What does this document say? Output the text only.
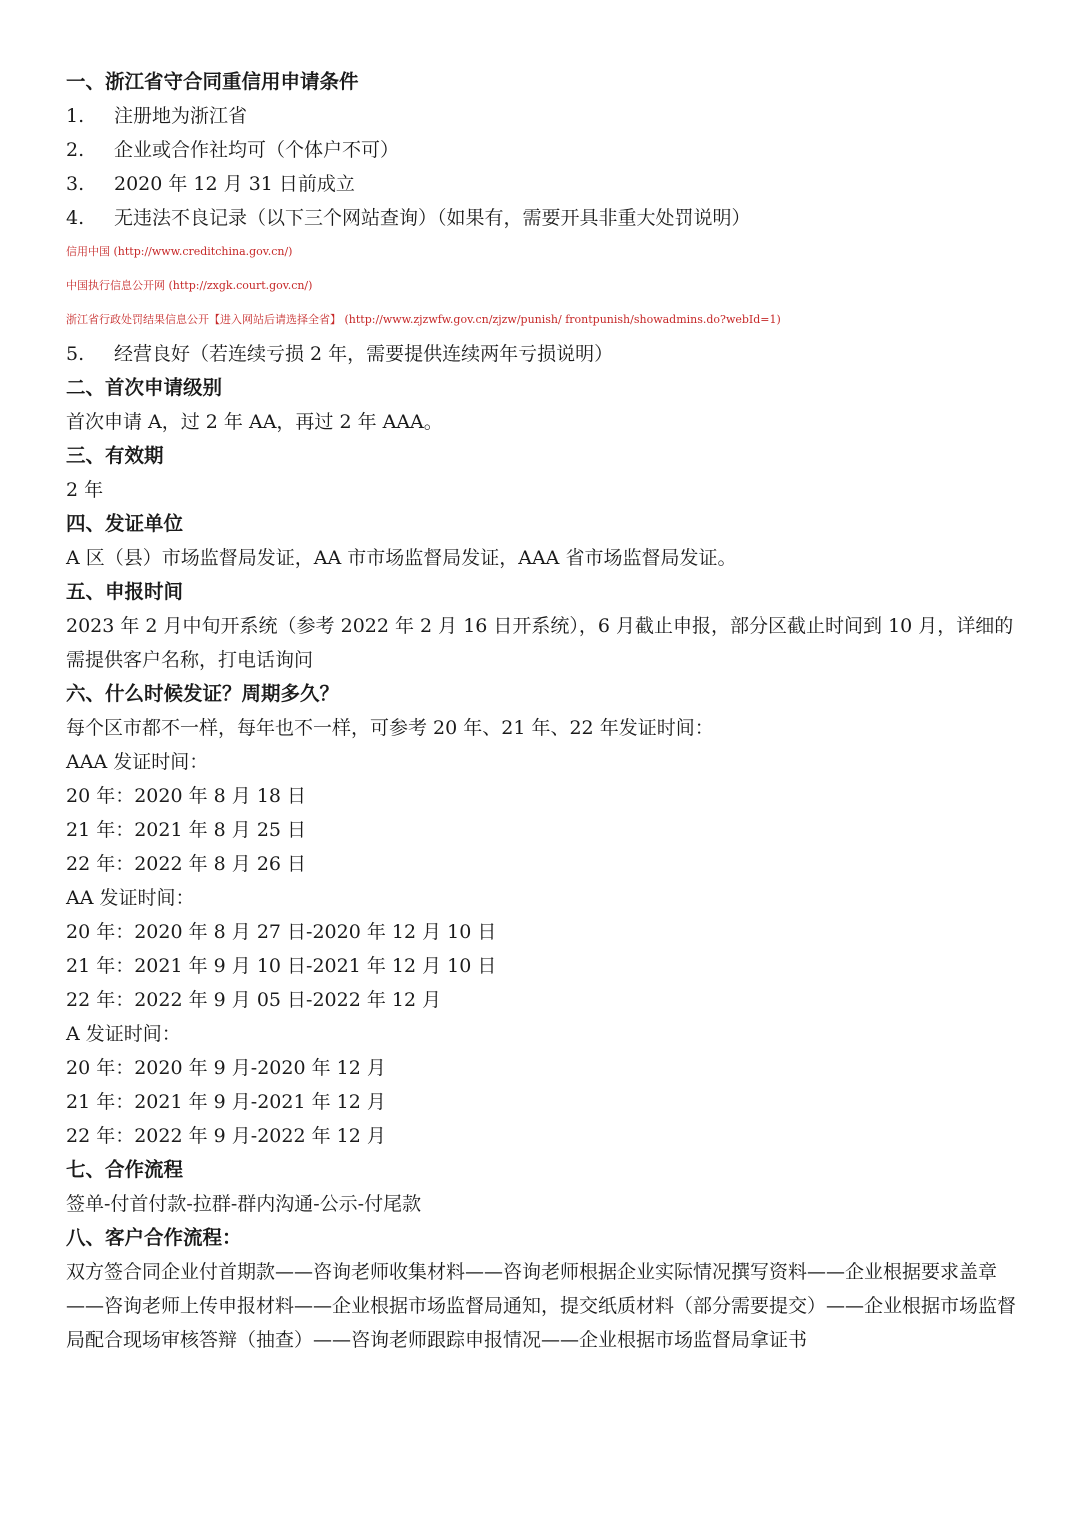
一、浙江省守合同重信用申请条件
1. 注册地为浙江省
2. 企业或合作社均可（个体户不可）
3. 2020 年 12 月 31 日前成立
4. 无违法不良记录（以下三个网站查询）（如果有，需要开具非重大处罚说明）
信用中国 (http://www.creditchina.gov.cn/)
中国执行信息公开网 (http://zxgk.court.gov.cn/)
浙江省行政处罚结果信息公开【进入网站后请选择全省】 (http://www.zjzwfw.gov.cn/zjzw/punish/ frontpunish/showadmins.do?webId=1)
5. 经营良好（若连续亏损 2 年，需要提供连续两年亏损说明）
二、首次申请级别
首次申请 A，过 2 年 AA，再过 2 年 AAA。
三、有效期
2 年
四、发证单位
A 区（县）市场监督局发证，AA 市市场监督局发证，AAA 省市场监督局发证。
五、申报时间
2023 年 2 月中旬开系统（参考 2022 年 2 月 16 日开系统），6 月截止申报，部分区截止时间到 10 月，详细的
需提供客户名称，打电话询问
六、什么时候发证？周期多久？
每个区市都不一样，每年也不一样，可参考 20 年、21 年、22 年发证时间：
AAA 发证时间：
20 年：2020 年 8 月 18 日
21 年：2021 年 8 月 25 日
22 年：2022 年 8 月 26 日
AA 发证时间：
20 年：2020 年 8 月 27 日-2020 年 12 月 10 日
21 年：2021 年 9 月 10 日-2021 年 12 月 10 日
22 年：2022 年 9 月 05 日-2022 年 12 月
A 发证时间：
20 年：2020 年 9 月-2020 年 12 月
21 年：2021 年 9 月-2021 年 12 月
22 年：2022 年 9 月-2022 年 12 月
七、合作流程
签单-付首付款-拉群-群内沟通-公示-付尾款
八、客户合作流程：
双方签合同企业付首期款——咨询老师收集材料——咨询老师根据企业实际情况撰写资料——企业根据要求盖章
——咨询老师上传申报材料——企业根据市场监督局通知，提交纸质材料（部分需要提交）——企业根据市场监督
局配合现场审核答辩（抽查）——咨询老师跟踪申报情况——企业根据市场监督局拿证书
